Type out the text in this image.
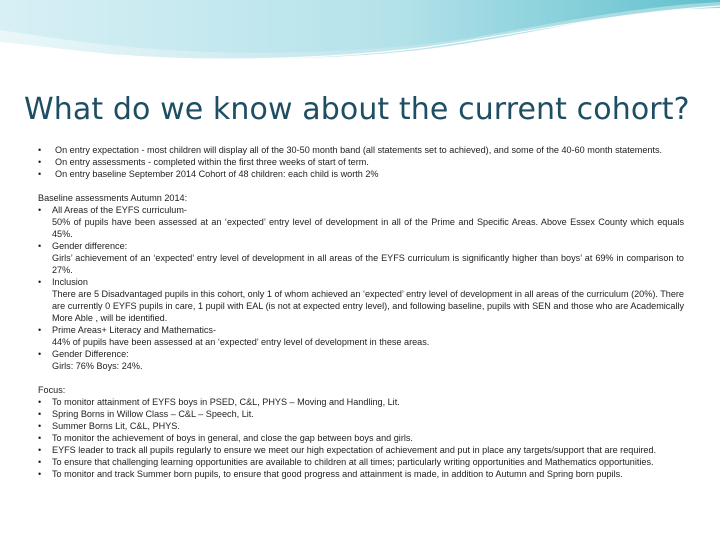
What do we know about the current cohort?
• On entry expectation - most children will display all of the 30-50 month band (all statements set to achieved), and some of the 40-60 month statements.
• On entry assessments - completed within the first three weeks of start of term.
• On entry baseline September 2014 Cohort of 48 children: each child is worth 2%

Baseline assessments Autumn 2014:

• All Areas of the EYFS curriculum-
50% of pupils have been assessed at an ‘expected’ entry level of development in all of the Prime and Specific Areas. Above Essex County which equals 45%.
• Gender difference:
Girls’ achievement of an ‘expected’ entry level of development in all areas of the EYFS curriculum is significantly higher than boys’ at 69% in comparison to 27%.
• Inclusion
There are 5 Disadvantaged pupils in this cohort, only 1 of whom achieved an ‘expected’ entry level of development in all areas of the curriculum (20%). There are currently 0 EYFS pupils in care, 1 pupil with EAL (is not at expected entry level), and following baseline, pupils with SEN and those who are Academically More Able , will be identified.
• Prime Areas+ Literacy and Mathematics-
44% of pupils have been assessed at an ‘expected’ entry level of development in these areas.
• Gender Difference:
Girls: 76% Boys: 24%.

Focus:

• To monitor attainment of EYFS boys in PSED, C&L, PHYS – Moving and Handling, Lit.
• Spring Borns in Willow Class – C&L – Speech, Lit.
• Summer Borns Lit, C&L, PHYS.
• To monitor the achievement of boys in general, and close the gap between boys and girls.
• EYFS leader to track all pupils regularly to ensure we meet our high expectation of achievement and put in place any targets/support that are required.
• To ensure that challenging learning opportunities are available to children at all times; particularly writing opportunities and Mathematics opportunities.
• To monitor and track Summer born pupils, to ensure that good progress and attainment is made, in addition to Autumn and Spring born pupils.
